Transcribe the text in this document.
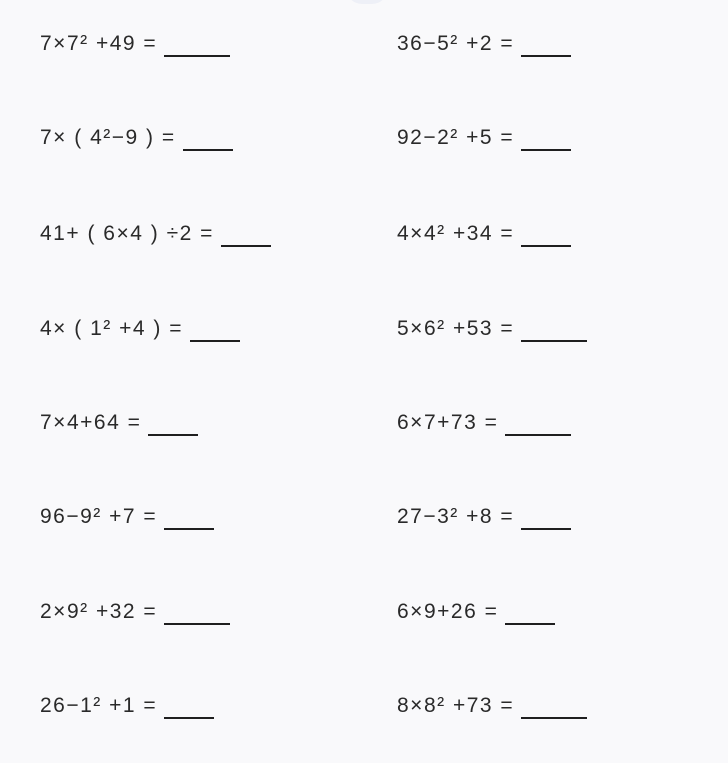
7×7² +49 =	36−5² +2 =
7× ( 4²−9 ) =	92−2² +5 =
41+ ( 6×4 ) ÷2 =	4×4² +34 =
4× ( 1² +4 ) =	5×6² +53 =
7×4+64 =	6×7+73 =
96−9² +7 =	27−3² +8 =
2×9² +32 =	6×9+26 =
26−1² +1 =	8×8² +73 =
